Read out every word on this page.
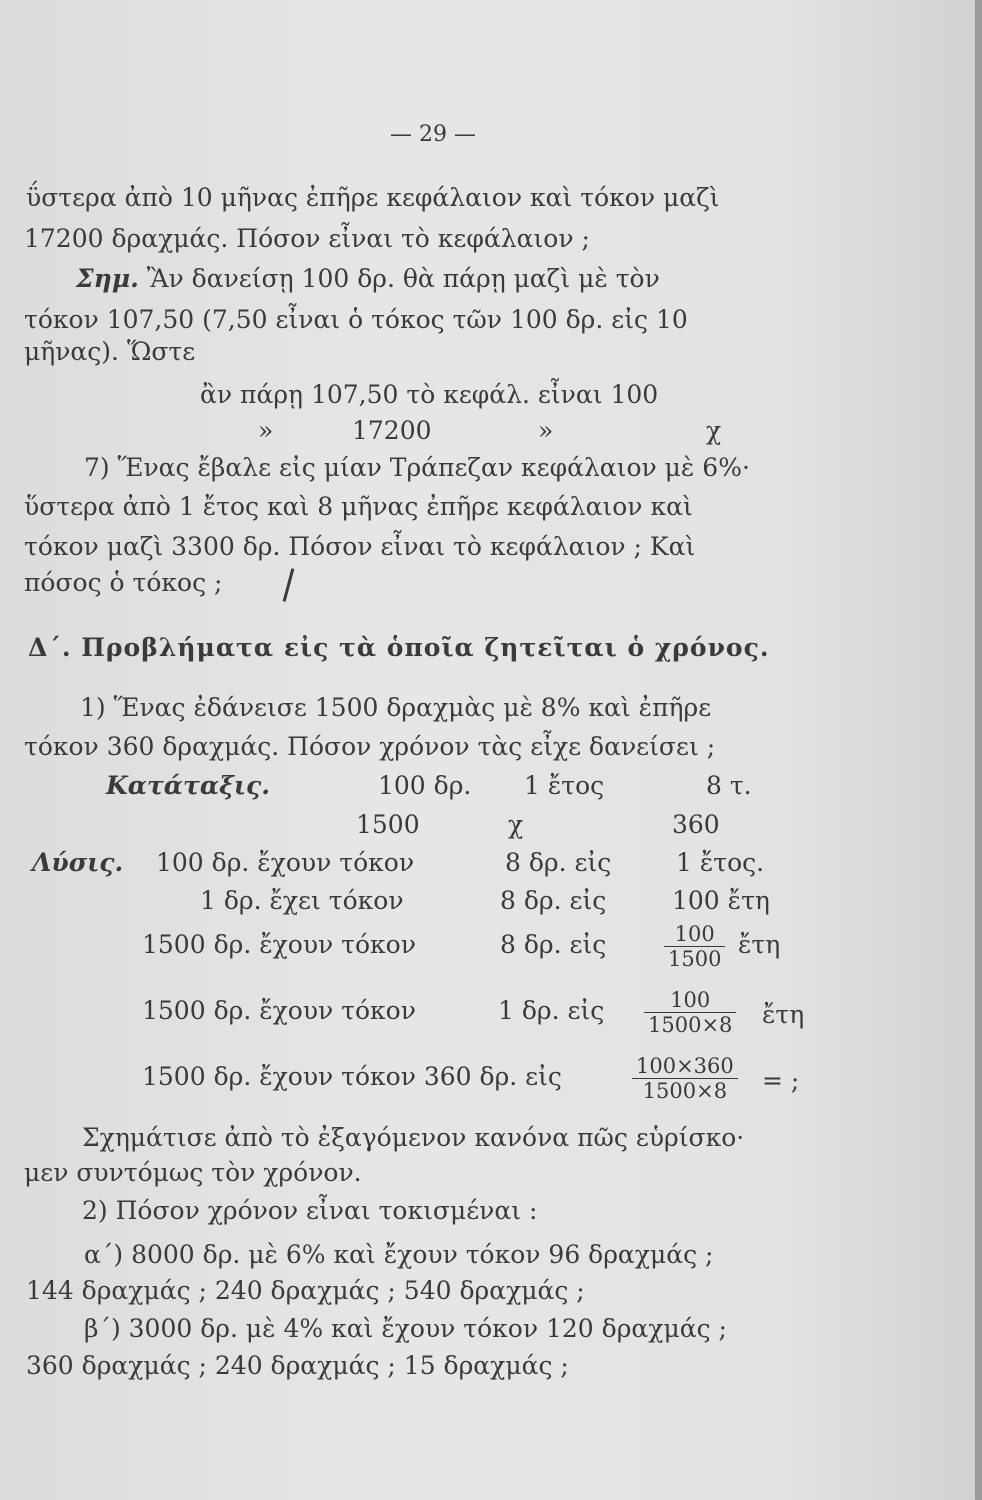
— 29 —
ΰστερα ἀπὸ 10 μῆνας ἐπῆρε κεφάλαιον καὶ τόκον μαζὶ
17200 δραχμάς. Πόσον εἶναι τὸ κεφάλαιον ;
Σημ. Ἂν δανείσῃ 100 δρ. θὰ πάρῃ μαζὶ μὲ τὸν
τόκον 107,50 (7,50 εἶναι ὁ τόκος τῶν 100 δρ. εἰς 10
μῆνας). Ὥστε
ἂν πάρῃ 107,50 τὸ κεφάλ. εἶναι 100
»	17200	»	χ
7) Ἕνας ἔβαλε εἰς μίαν Τράπεζαν κεφάλαιον μὲ 6%·
ὕστερα ἀπὸ 1 ἔτος καὶ 8 μῆνας ἐπῆρε κεφάλαιον καὶ
τόκον μαζὶ 3300 δρ. Πόσον εἶναι τὸ κεφάλαιον ; Καὶ
πόσος ὁ τόκος ;
Δ΄. Προβλήματα εἰς τὰ ὁποῖα ζητεῖται ὁ χρόνος.
1) Ἕνας ἐδάνεισε 1500 δραχμὰς μὲ 8% καὶ ἐπῆρε
τόκον 360 δραχμάς. Πόσον χρόνον τὰς εἶχε δανείσει ;
Κατάταξις.	100 δρ. 1 ἔτος	8 τ.
1500	χ	360
Λύσις. 100 δρ. ἔχουν τόκον	8 δρ. εἰς	1 ἔτος.
1 δρ. ἔχει τόκον	8 δρ. εἰς	100 ἔτη
1500 δρ. ἔχουν τόκον	8 δρ. εἰς	$\frac{100}{1500}$ ἔτη
1500 δρ. ἔχουν τόκον	1 δρ. εἰς $\frac{100}{1500\times 8}$ ἔτη
1500 δρ. ἔχουν τόκον 360 δρ. εἰς	$\frac{100\times 360}{1500\times 8}$ = ;
Σχημάτισε ἀπὸ τὸ ἐξαγόμενον κανόνα πῶς εὑρίσκο·
μεν συντόμως τὸν χρόνον.
2) Πόσον χρόνον εἶναι τοκισμέναι :
α΄) 8000 δρ. μὲ 6% καὶ ἔχουν τόκον 96 δραχμάς ;
144 δραχμάς ; 240 δραχμάς ; 540 δραχμάς ;
β΄) 3000 δρ. μὲ 4% καὶ ἔχουν τόκον 120 δραχμάς ;
360 δραχμάς ; 240 δραχμάς ; 15 δραχμάς ;
